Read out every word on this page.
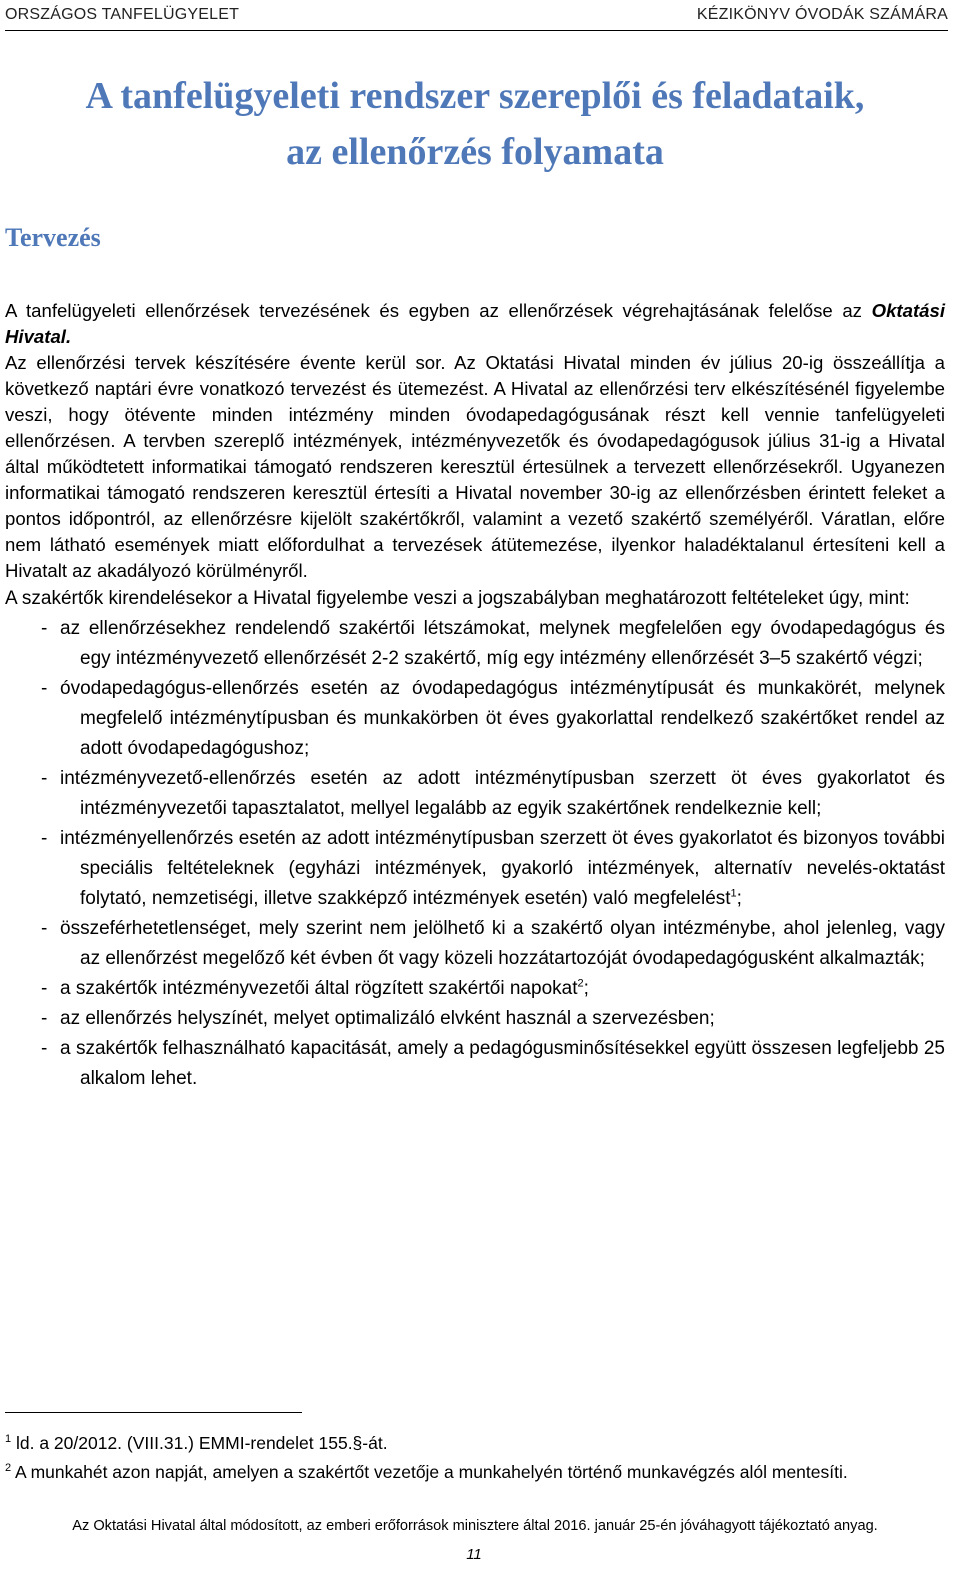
ORSZÁGOS TANFELÜGYELET	KÉZIKÖNYV ÓVODÁK SZÁMÁRA
A tanfelügyeleti rendszer szereplői és feladataik,
az ellenőrzés folyamata
Tervezés

A tanfelügyeleti ellenőrzések tervezésének és egyben az ellenőrzések végrehajtásának felelőse az Oktatási Hivatal.

Az ellenőrzési tervek készítésére évente kerül sor. Az Oktatási Hivatal minden év július 20-ig összeállítja a következő naptári évre vonatkozó tervezést és ütemezést. A Hivatal az ellenőrzési terv elkészítésénél figyelembe veszi, hogy ötévente minden intézmény minden óvodapedagógusának részt kell vennie tanfelügyeleti ellenőrzésen. A tervben szereplő intézmények, intézményvezetők és óvodapedagógusok július 31-ig a Hivatal által működtetett informatikai támogató rendszeren keresztül értesülnek a tervezett ellenőrzésekről. Ugyanezen informatikai támogató rendszeren keresztül értesíti a Hivatal november 30-ig az ellenőrzésben érintett feleket a pontos időpontról, az ellenőrzésre kijelölt szakértőkről, valamint a vezető szakértő személyéről. Váratlan, előre nem látható események miatt előfordulhat a tervezések átütemezése, ilyenkor haladéktalanul értesíteni kell a Hivatalt az akadályozó körülményről.

A szakértők kirendelésekor a Hivatal figyelembe veszi a jogszabályban meghatározott feltételeket úgy, mint:

- az ellenőrzésekhez rendelendő szakértői létszámokat, melynek megfelelően egy óvodapedagógus és egy intézményvezető ellenőrzését 2-2 szakértő, míg egy intézmény ellenőrzését 3–5 szakértő végzi;
- óvodapedagógus-ellenőrzés esetén az óvodapedagógus intézménytípusát és munkakörét, melynek megfelelő intézménytípusban és munkakörben öt éves gyakorlattal rendelkező szakértőket rendel az adott óvodapedagógushoz;
- intézményvezető-ellenőrzés esetén az adott intézménytípusban szerzett öt éves gyakorlatot és intézményvezetői tapasztalatot, mellyel legalább az egyik szakértőnek rendelkeznie kell;
- intézményellenőrzés esetén az adott intézménytípusban szerzett öt éves gyakorlatot és bizonyos további speciális feltételeknek (egyházi intézmények, gyakorló intézmények, alternatív nevelés-oktatást folytató, nemzetiségi, illetve szakképző intézmények esetén) való megfelelést$^1$;
- összeférhetetlenséget, mely szerint nem jelölhető ki a szakértő olyan intézménybe, ahol jelenleg, vagy az ellenőrzést megelőző két évben őt vagy közeli hozzátartozóját óvodapedagógusként alkalmazták;
- a szakértők intézményvezetői által rögzített szakértői napokat$^2$;
- az ellenőrzés helyszínét, melyet optimalizáló elvként használ a szervezésben;
- a szakértők felhasználható kapacitását, amely a pedagógusminősítésekkel együtt összesen legfeljebb 25 alkalom lehet.

$^1$ ld. a 20/2012. (VIII.31.) EMMI-rendelet 155.§-át.

$^2$ A munkahét azon napját, amelyen a szakértőt vezetője a munkahelyén történő munkavégzés alól mentesíti.

Az Oktatási Hivatal által módosított, az emberi erőforrások minisztere által 2016. január 25-én jóváhagyott tájékoztató anyag.
11
